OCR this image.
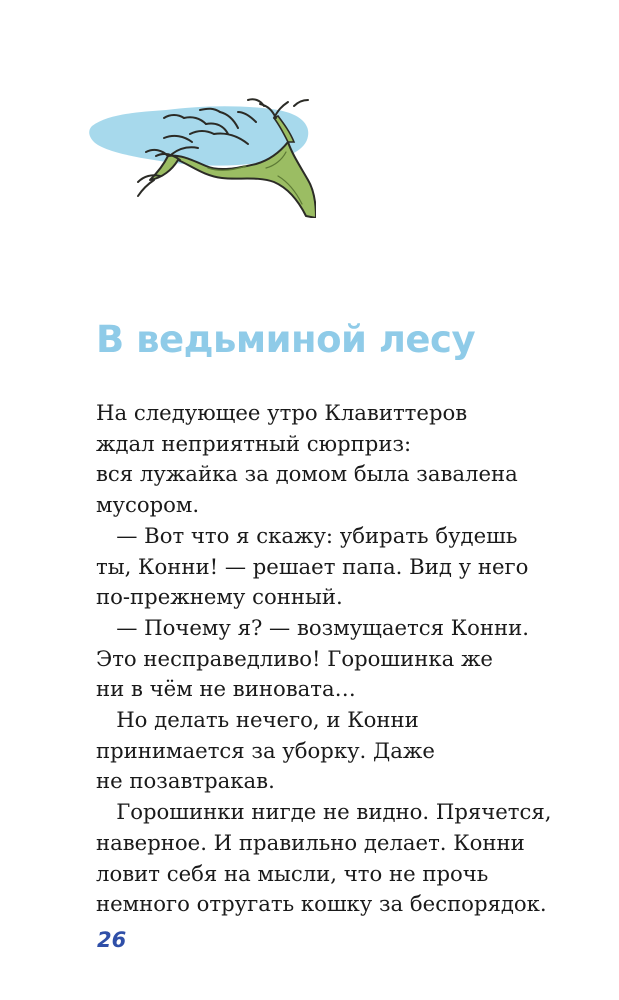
В ведьминой лесу
На следующее утро Клавиттеров
ждал неприятный сюрприз:
вся лужайка за домом была завалена
мусором.
— Вот что я скажу: убирать будешь
ты, Конни! — решает папа. Вид у него
по-прежнему сонный.
— Почему я? — возмущается Конни.
Это несправедливо! Горошинка же
ни в чём не виновата…
Но делать нечего, и Конни
принимается за уборку. Даже
не позавтракав.
Горошинки нигде не видно. Прячется,
наверное. И правильно делает. Конни
ловит себя на мысли, что не прочь
немного отругать кошку за беспорядок.
26
